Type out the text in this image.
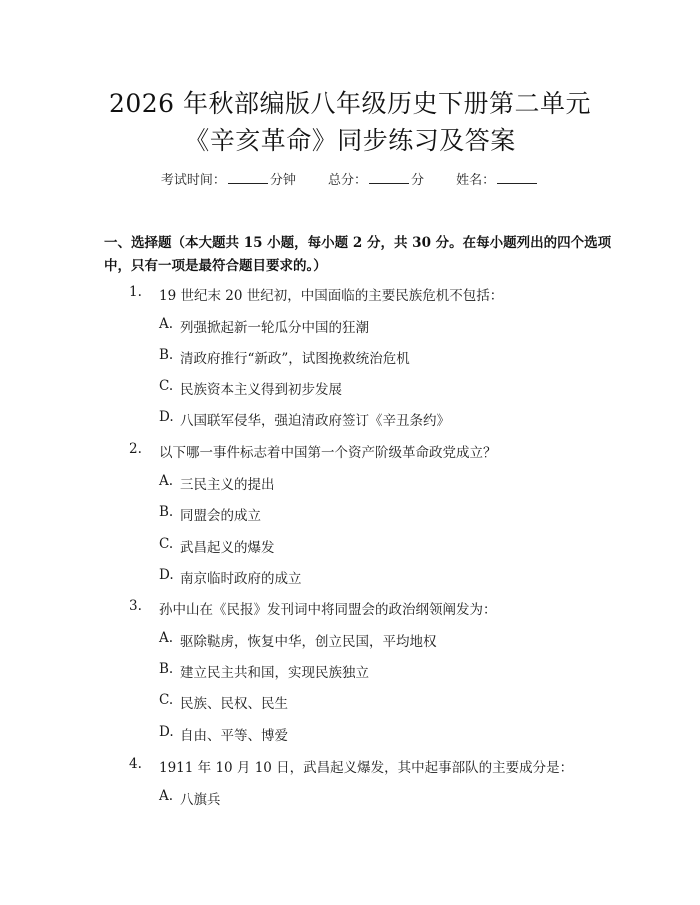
2026 年秋部编版八年级历史下册第二单元
《辛亥革命》同步练习及答案
考试时间：	分钟 总分：	分 姓名：
一、选择题（本大题共 15 小题，每小题 2 分，共 30 分。在每小题列出的四个选项中，只有一项是最符合题目要求的。）
1. 19 世纪末 20 世纪初，中国面临的主要民族危机不包括：
A. 列强掀起新一轮瓜分中国的狂潮
B. 清政府推行“新政”，试图挽救统治危机
C. 民族资本主义得到初步发展
D. 八国联军侵华，强迫清政府签订《辛丑条约》
2. 以下哪一事件标志着中国第一个资产阶级革命政党成立？
A. 三民主义的提出
B. 同盟会的成立
C. 武昌起义的爆发
D. 南京临时政府的成立
3. 孙中山在《民报》发刊词中将同盟会的政治纲领阐发为：
A. 驱除鞑虏，恢复中华，创立民国，平均地权
B. 建立民主共和国，实现民族独立
C. 民族、民权、民生
D. 自由、平等、博爱
4. 1911 年 10 月 10 日，武昌起义爆发，其中起事部队的主要成分是：
A. 八旗兵
